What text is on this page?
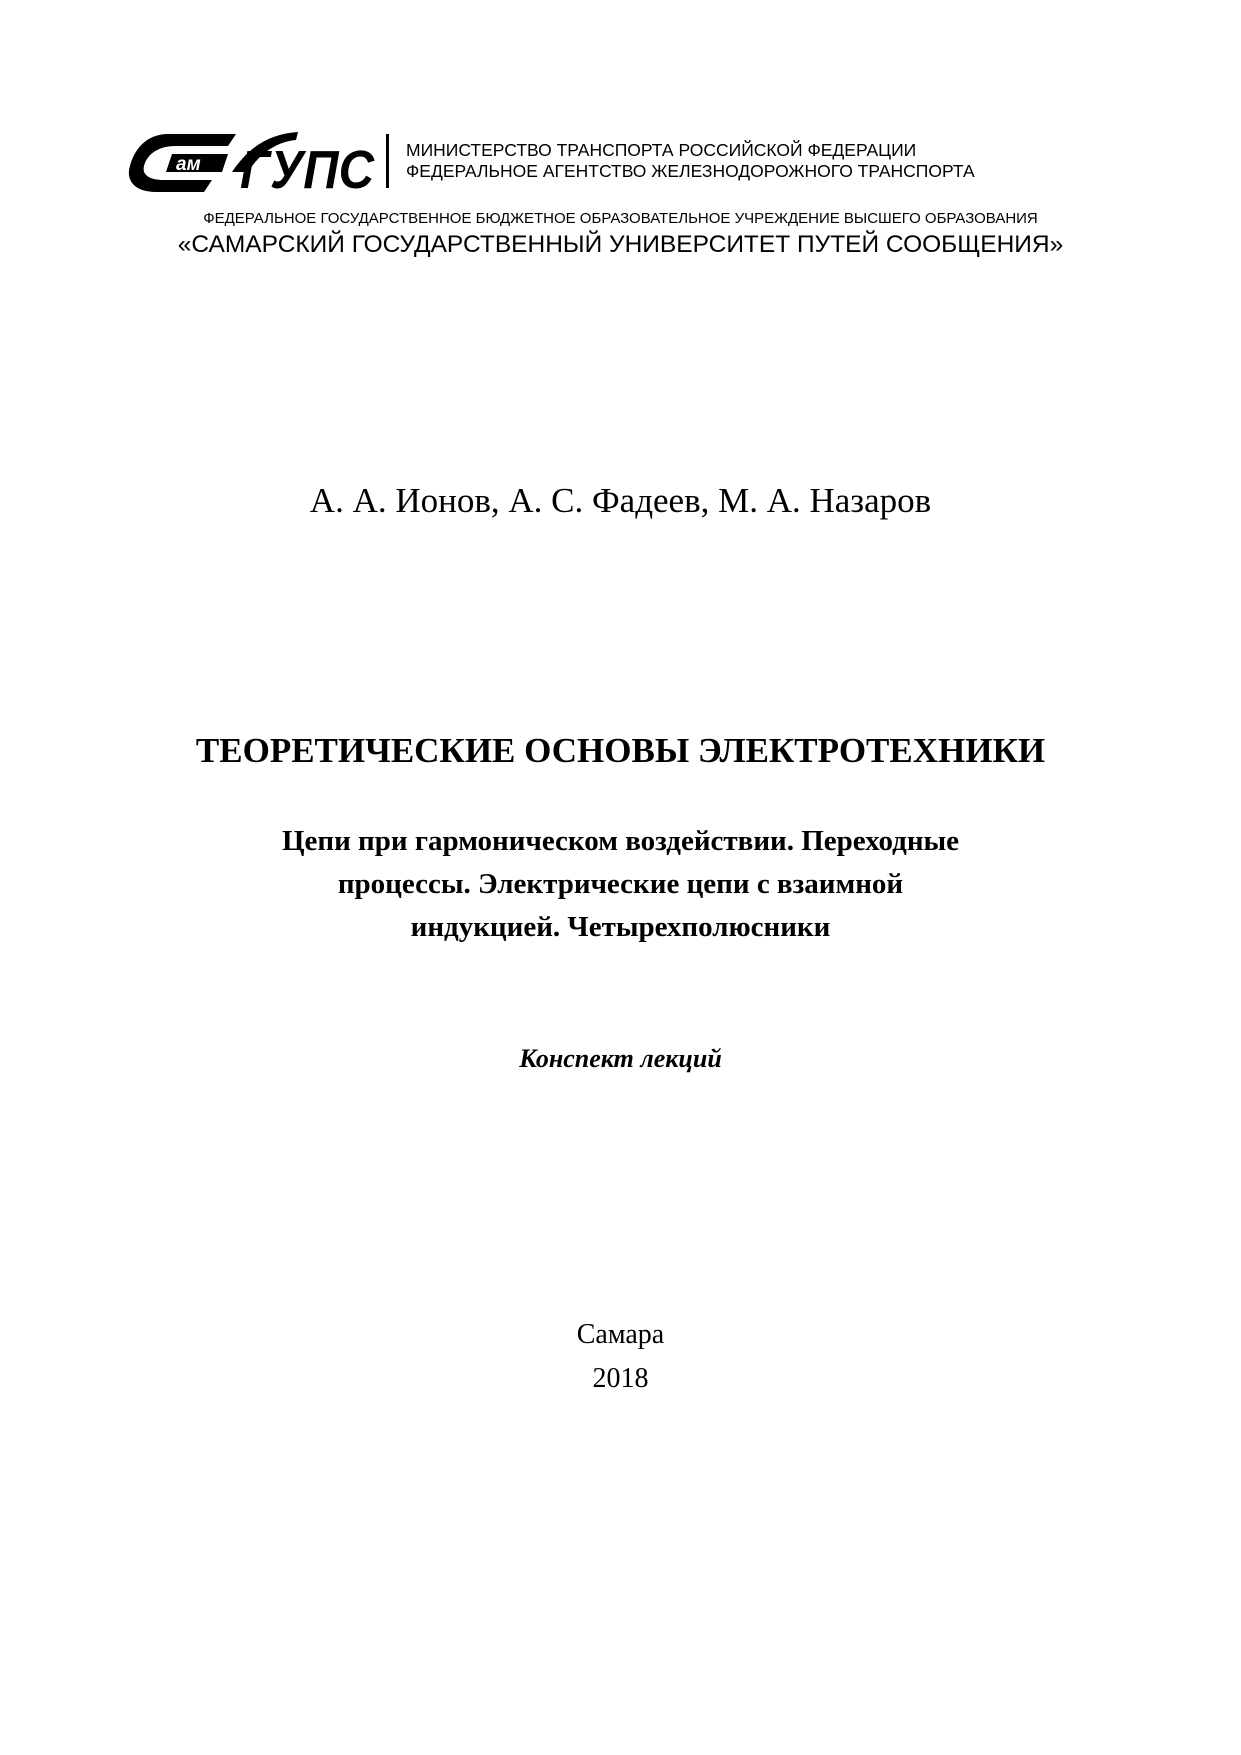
ам ГУПС МИНИСТЕРСТВО ТРАНСПОРТА РОССИЙСКОЙ ФЕДЕРАЦИИ
ФЕДЕРАЛЬНОЕ АГЕНТСТВО ЖЕЛЕЗНОДОРОЖНОГО ТРАНСПОРТА
ФЕДЕРАЛЬНОЕ ГОСУДАРСТВЕННОЕ БЮДЖЕТНОЕ ОБРАЗОВАТЕЛЬНОЕ УЧРЕЖДЕНИЕ ВЫСШЕГО ОБРАЗОВАНИЯ
«САМАРСКИЙ ГОСУДАРСТВЕННЫЙ УНИВЕРСИТЕТ ПУТЕЙ СООБЩЕНИЯ»
А. А. Ионов, А. С. Фадеев, М. А. Назаров
ТЕОРЕТИЧЕСКИЕ ОСНОВЫ ЭЛЕКТРОТЕХНИКИ
Цепи при гармоническом воздействии. Переходные
процессы. Электрические цепи с взаимной
индукцией. Четырехполюсники
Конспект лекций
Самара
2018
